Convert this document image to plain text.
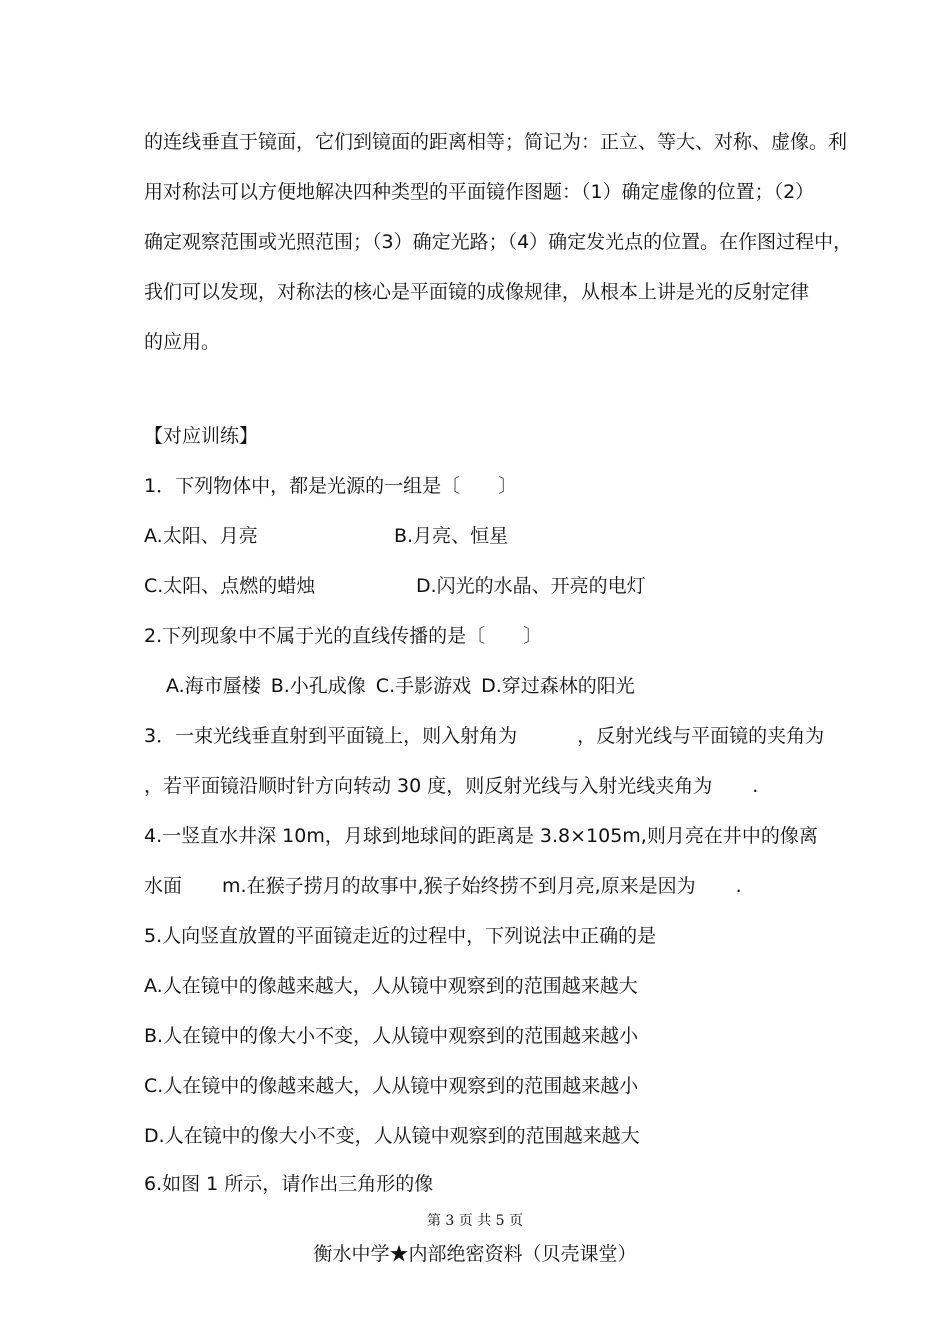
的连线垂直于镜面，它们到镜面的距离相等；简记为：正立、等大、对称、虚像。利
用对称法可以方便地解决四种类型的平面镜作图题：（1）确定虚像的位置；（2）
确定观察范围或光照范围；（3）确定光路；（4）确定发光点的位置。在作图过程中，
我们可以发现，对称法的核心是平面镜的成像规律，从根本上讲是光的反射定律
的应用。
【对应训练】
1．下列物体中，都是光源的一组是〔　　〕
A.太阳、月亮	B.月亮、恒星
C.太阳、点燃的蜡烛	D.闪光的水晶、开亮的电灯
2.下列现象中不属于光的直线传播的是〔　　〕
A.海市蜃楼 B.小孔成像 C.手影游戏 D.穿过森林的阳光
3．一束光线垂直射到平面镜上，则入射角为	，反射光线与平面镜的夹角为
，若平面镜沿顺时针方向转动 30 度，则反射光线与入射光线夹角为 .
4.一竖直水井深 10m，月球到地球间的距离是 3.8×105m,则月亮在井中的像离
水面 m.在猴子捞月的故事中,猴子始终捞不到月亮,原来是因为 .
5.人向竖直放置的平面镜走近的过程中，下列说法中正确的是
A.人在镜中的像越来越大，人从镜中观察到的范围越来越大
B.人在镜中的像大小不变，人从镜中观察到的范围越来越小
C.人在镜中的像越来越大，人从镜中观察到的范围越来越小
D.人在镜中的像大小不变，人从镜中观察到的范围越来越大
6.如图 1 所示，请作出三角形的像
第 3 页 共 5 页
衡水中学★内部绝密资料（贝壳课堂）
